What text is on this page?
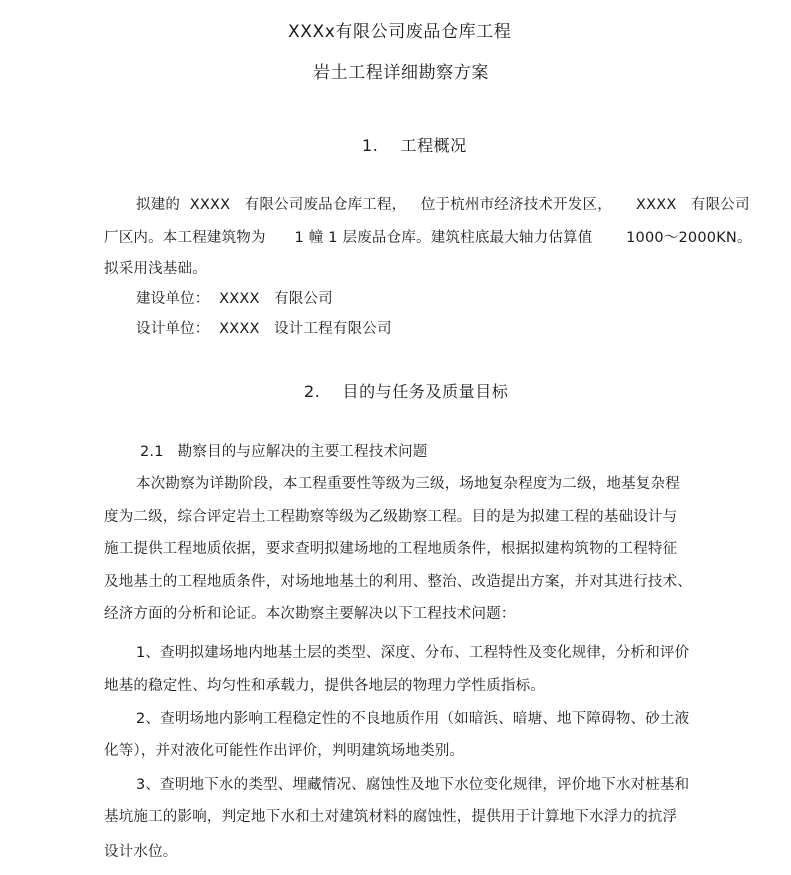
XXXx有限公司废品仓库工程
岩土工程详细勘察方案
1. 工程概况
拟建的  XXXX   有限公司废品仓库工程，   位于杭州市经济技术开发区，     XXXX   有限公司
厂区内。本工程建筑物为      1 幢 1 层废品仓库。建筑柱底最大轴力估算值       1000～2000KN。
拟采用浅基础。
建设单位：  XXXX   有限公司
设计单位：  XXXX   设计工程有限公司
2. 目的与任务及质量目标
2.1 勘察目的与应解决的主要工程技术问题
本次勘察为详勘阶段，本工程重要性等级为三级，场地复杂程度为二级，地基复杂程
度为二级，综合评定岩土工程勘察等级为乙级勘察工程。目的是为拟建工程的基础设计与
施工提供工程地质依据，要求查明拟建场地的工程地质条件，根据拟建构筑物的工程特征
及地基土的工程地质条件，对场地地基土的利用、整治、改造提出方案，并对其进行技术、
经济方面的分析和论证。本次勘察主要解决以下工程技术问题：
1、查明拟建场地内地基土层的类型、深度、分布、工程特性及变化规律，分析和评价
地基的稳定性、均匀性和承载力，提供各地层的物理力学性质指标。
2、查明场地内影响工程稳定性的不良地质作用（如暗浜、暗塘、地下障碍物、砂土液
化等），并对液化可能性作出评价，判明建筑场地类别。
3、查明地下水的类型、埋藏情况、腐蚀性及地下水位变化规律，评价地下水对桩基和
基坑施工的影响，判定地下水和土对建筑材料的腐蚀性，提供用于计算地下水浮力的抗浮
设计水位。
